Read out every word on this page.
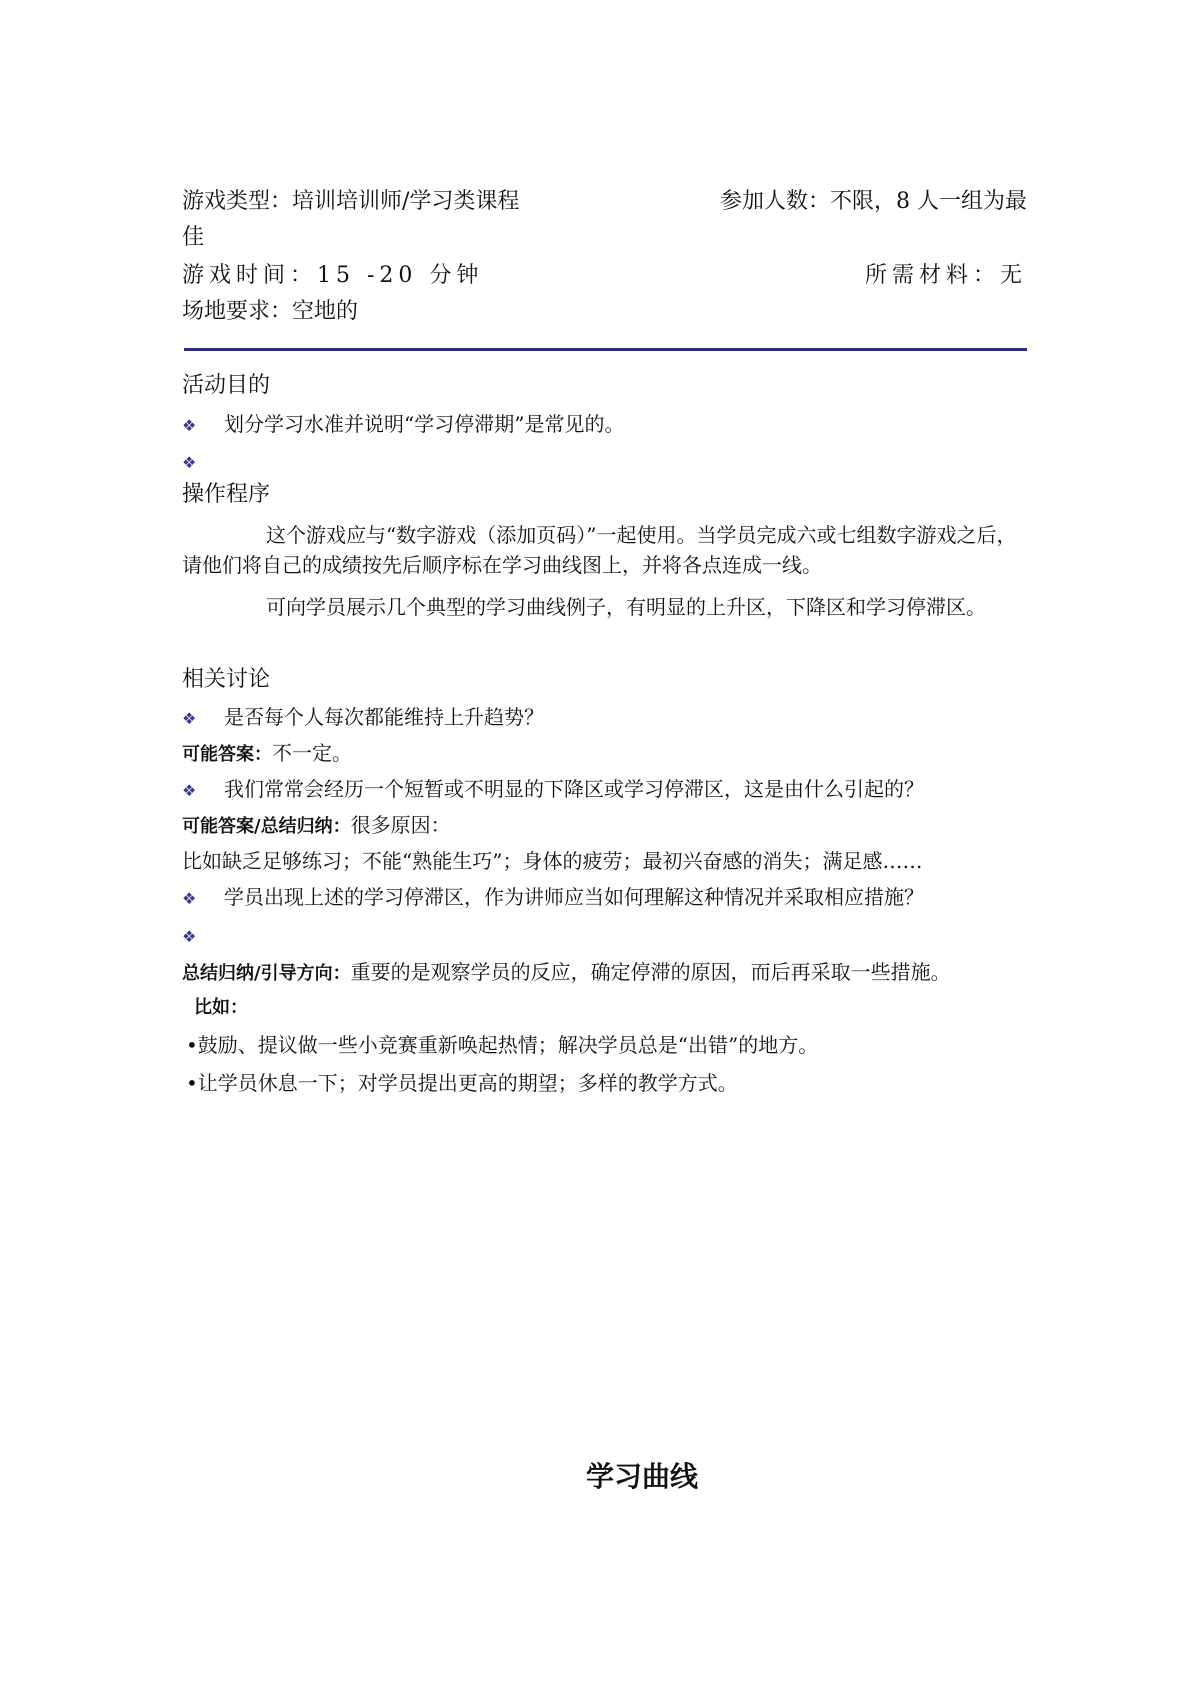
游戏类型：培训培训师/学习类课程	参加人数：不限，8 人一组为最
佳
游戏时间：15 -20 分钟	所需材料：无
场地要求：空地的
活动目的
❖ 划分学习水准并说明“学习停滞期”是常见的。
❖
操作程序
这个游戏应与“数字游戏（添加页码）”一起使用。当学员完成六或七组数字游戏之后，请他们将自己的成绩按先后顺序标在学习曲线图上，并将各点连成一线。
可向学员展示几个典型的学习曲线例子，有明显的上升区，下降区和学习停滞区。
相关讨论
❖ 是否每个人每次都能维持上升趋势？
可能答案：不一定。
❖ 我们常常会经历一个短暂或不明显的下降区或学习停滞区，这是由什么引起的？
可能答案/总结归纳：很多原因：
比如缺乏足够练习；不能“熟能生巧”；身体的疲劳；最初兴奋感的消失；满足感……
❖ 学员出现上述的学习停滞区，作为讲师应当如何理解这种情况并采取相应措施？
❖
总结归纳/引导方向：重要的是观察学员的反应，确定停滞的原因，而后再采取一些措施。
比如：
•鼓励、提议做一些小竞赛重新唤起热情；解决学员总是“出错”的地方。
•让学员休息一下；对学员提出更高的期望；多样的教学方式。
学习曲线
